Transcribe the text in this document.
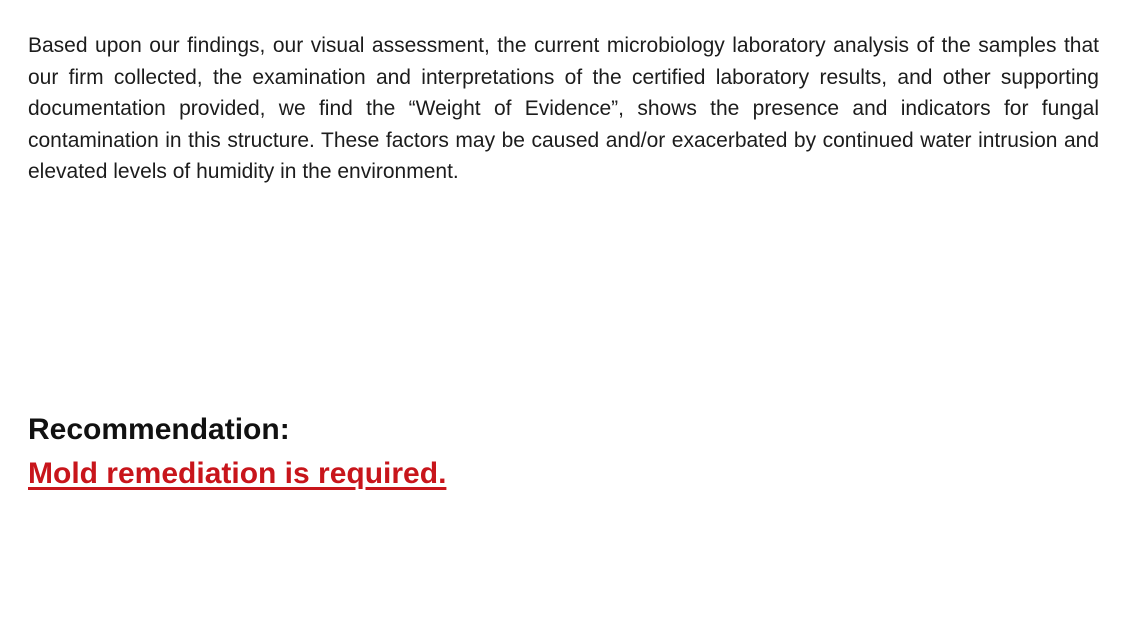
Based upon our findings, our visual assessment, the current microbiology laboratory analysis of the samples that our firm collected, the examination and interpretations of the certified laboratory results, and other supporting documentation provided, we find the “Weight of Evidence”, shows the presence and indicators for fungal contamination in this structure. These factors may be caused and/or exacerbated by continued water intrusion and elevated levels of humidity in the environment.

Recommendation:

Mold remediation is required.
